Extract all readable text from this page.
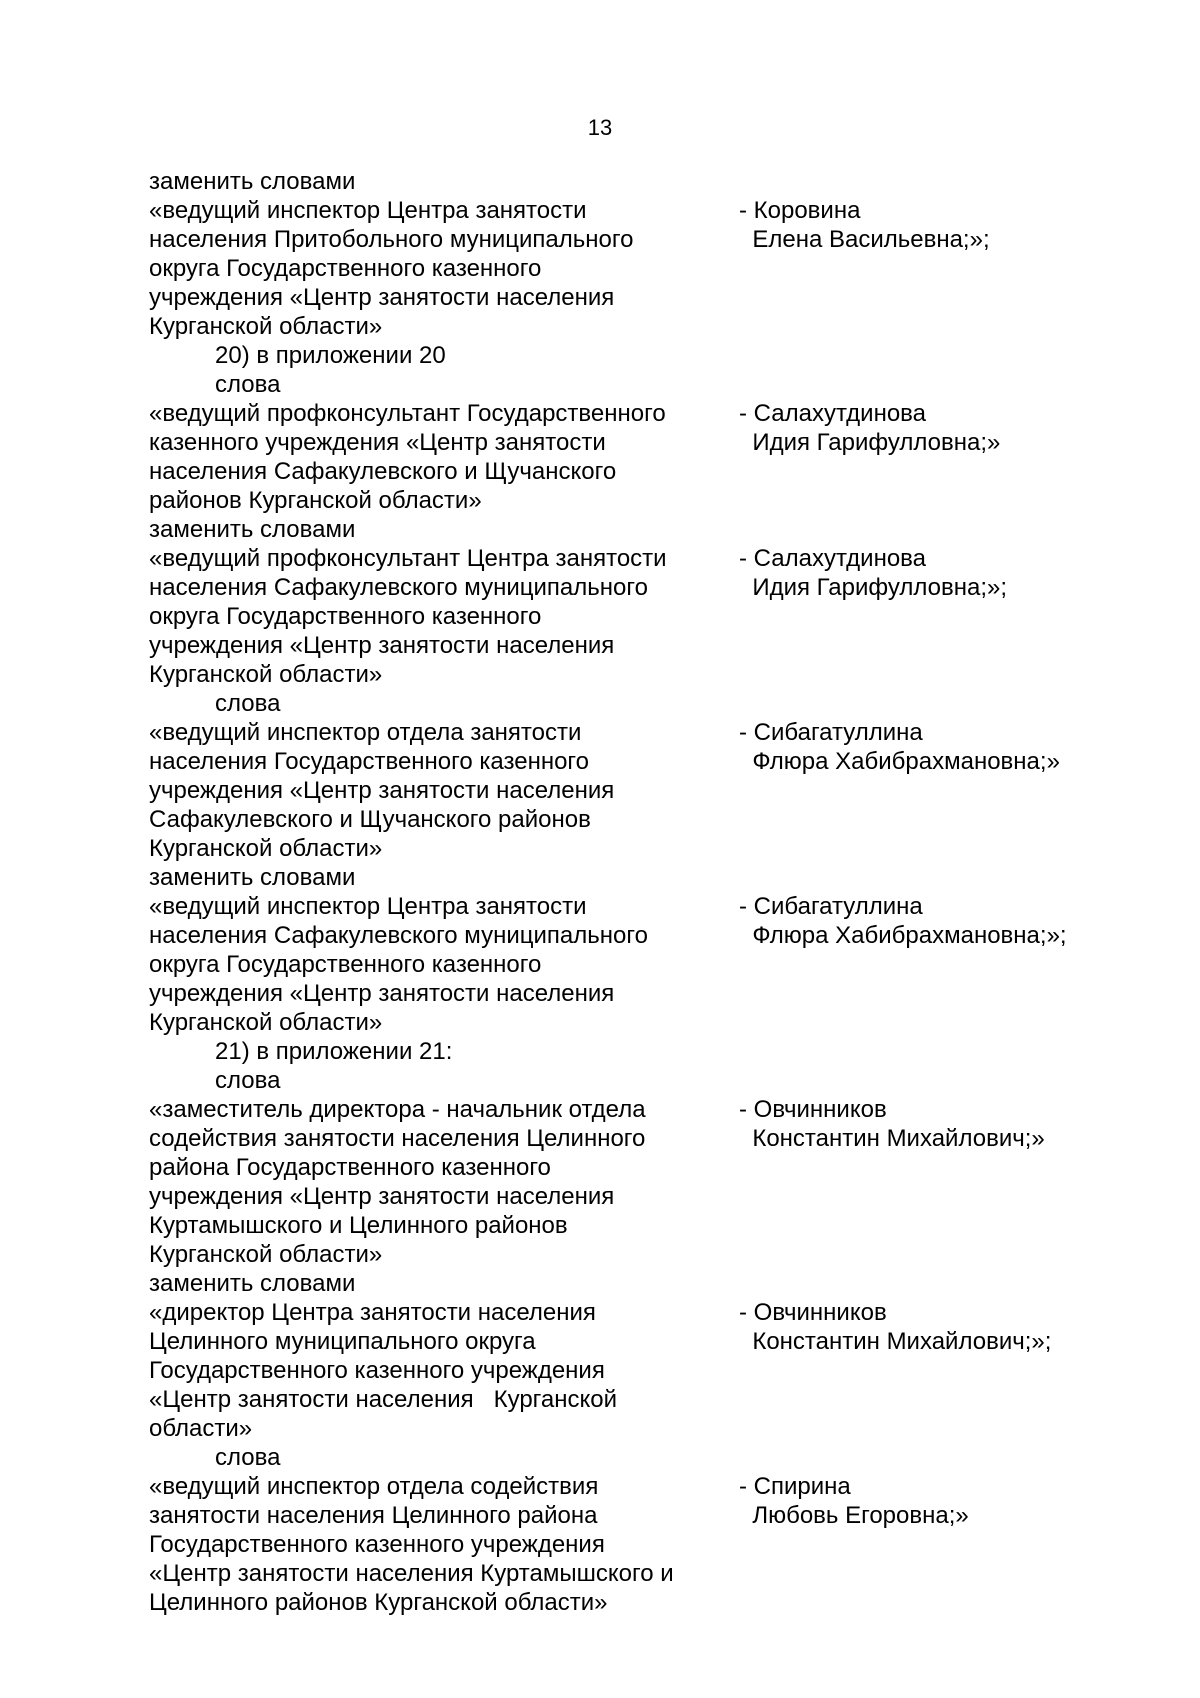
13
заменить словами
«ведущий инспектор Центра занятости
населения Притобольного муниципального
округа Государственного казенного
учреждения «Центр занятости населения
Курганской области»
- Коровина
Елена Васильевна;»;
20) в приложении 20
слова
«ведущий профконсультант Государственного
казенного учреждения «Центр занятости
населения Сафакулевского и Щучанского
районов Курганской области»
- Салахутдинова
Идия Гарифулловна;»
заменить словами
«ведущий профконсультант Центра занятости
населения Сафакулевского муниципального
округа Государственного казенного
учреждения «Центр занятости населения
Курганской области»
- Салахутдинова
Идия Гарифулловна;»;
слова
«ведущий инспектор отдела занятости
населения Государственного казенного
учреждения «Центр занятости населения
Сафакулевского и Щучанского районов
Курганской области»
- Сибагатуллина
Флюра Хабибрахмановна;»
заменить словами
«ведущий инспектор Центра занятости
населения Сафакулевского муниципального
округа Государственного казенного
учреждения «Центр занятости населения
Курганской области»
- Сибагатуллина
Флюра Хабибрахмановна;»;
21) в приложении 21:
слова
«заместитель директора - начальник отдела
содействия занятости населения Целинного
района Государственного казенного
учреждения «Центр занятости населения
Куртамышского и Целинного районов
Курганской области»
- Овчинников
Константин Михайлович;»
заменить словами
«директор Центра занятости населения
Целинного муниципального округа
Государственного казенного учреждения
«Центр занятости населения   Курганской
области»
- Овчинников
Константин Михайлович;»;
слова
«ведущий инспектор отдела содействия
занятости населения Целинного района
Государственного казенного учреждения
«Центр занятости населения Куртамышского и
Целинного районов Курганской области»
- Спирина
Любовь Егоровна;»
